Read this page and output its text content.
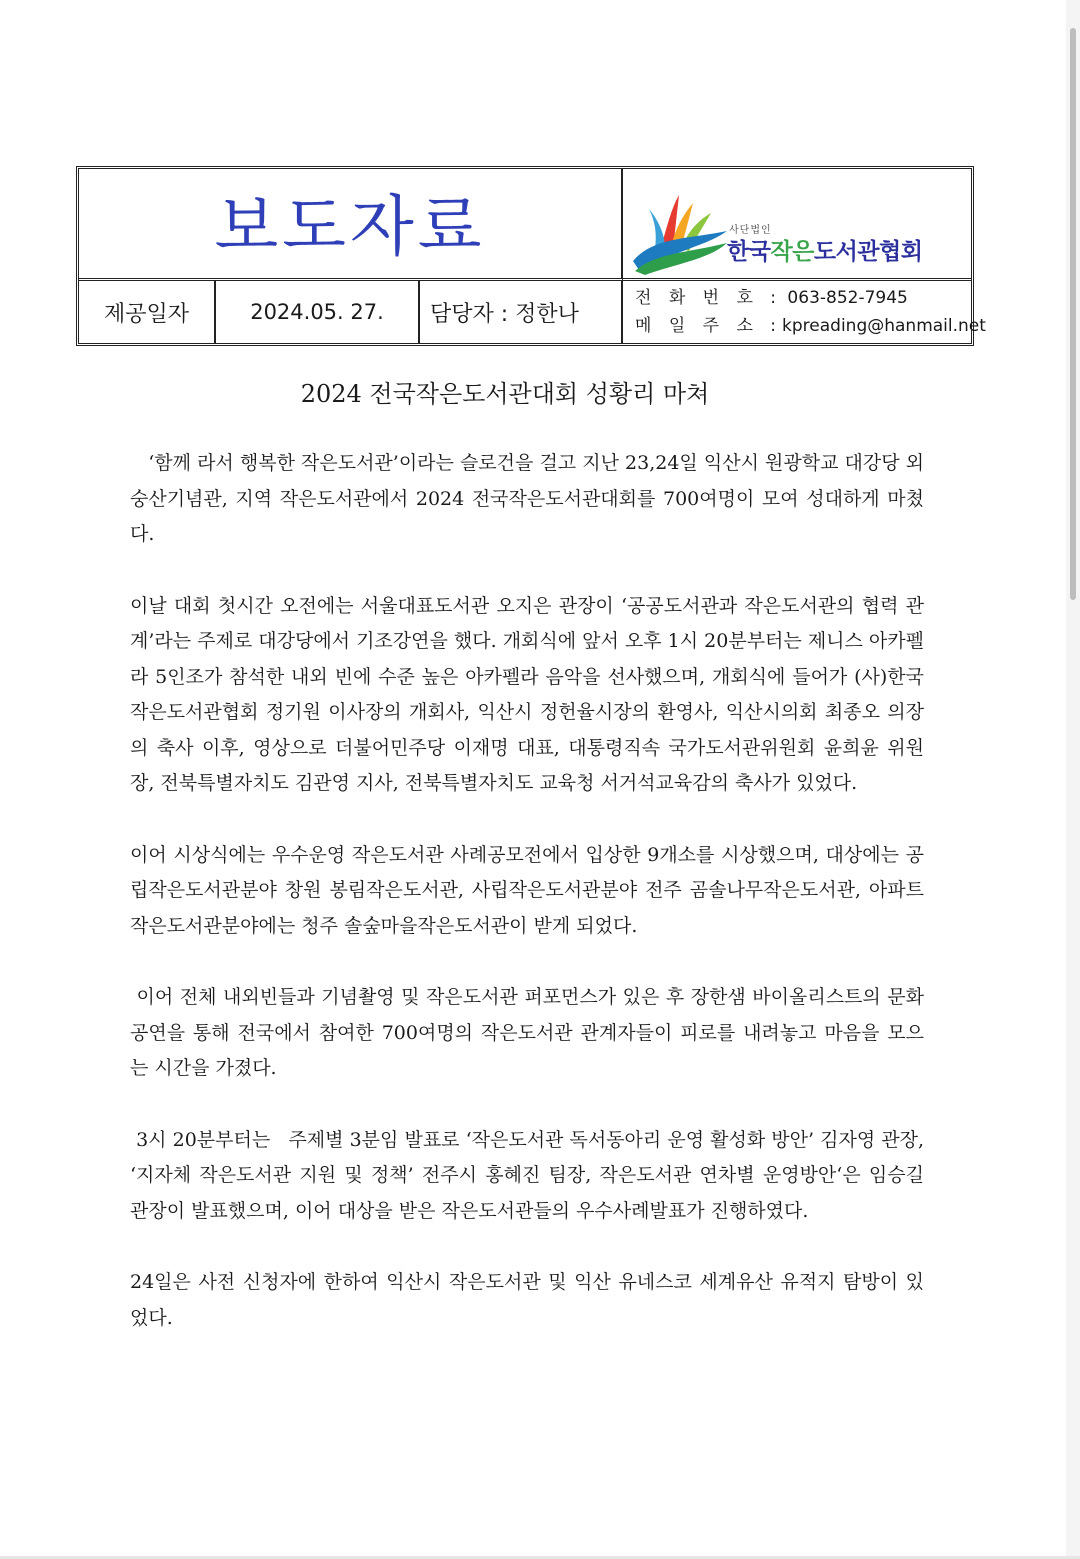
보도자료	사단법인
한국작은도서관협회
제공일자	2024.05. 27. 담당자 : 정한나
전 화 번 호 : 063-852-7945
메 일 주 소 :kpreading@hanmail.net
2024 전국작은도서관대회 성황리 마쳐

‘함께 라서 행복한 작은도서관’이라는 슬로건을 걸고 지난 23,24일 익산시 원광학교 대강당 외 숭산기념관, 지역 작은도서관에서 2024 전국작은도서관대회를 700여명이 모여 성대하게 마쳤다.

이날 대회 첫시간 오전에는 서울대표도서관 오지은 관장이 ‘공공도서관과 작은도서관의 협력 관계’라는 주제로 대강당에서 기조강연을 했다. 개회식에 앞서 오후 1시 20분부터는 제니스 아카펠라 5인조가 참석한 내외 빈에 수준 높은 아카펠라 음악을 선사했으며, 개회식에 들어가 (사)한국작은도서관협회 정기원 이사장의 개회사, 익산시 정헌율시장의 환영사, 익산시의회 최종오 의장의 축사 이후, 영상으로 더불어민주당 이재명 대표, 대통령직속 국가도서관위원회 윤희윤 위원장, 전북특별자치도 김관영 지사, 전북특별자치도 교육청 서거석교육감의 축사가 있었다.

이어 시상식에는 우수운영 작은도서관 사례공모전에서 입상한 9개소를 시상했으며, 대상에는 공립작은도서관분야 창원 봉림작은도서관, 사립작은도서관분야 전주 곰솔나무작은도서관, 아파트작은도서관분야에는 청주 솔숲마을작은도서관이 받게 되었다.

이어 전체 내외빈들과 기념촬영 및 작은도서관 퍼포먼스가 있은 후 장한샘 바이올리스트의 문화공연을 통해 전국에서 참여한 700여명의 작은도서관 관계자들이 피로를 내려놓고 마음을 모으는 시간을 가졌다.

3시 20분부터는   주제별 3분임 발표로 ‘작은도서관 독서동아리 운영 활성화 방안’ 김자영 관장, ‘지자체 작은도서관 지원 및 정책’ 전주시 홍혜진 팀장, 작은도서관 연차별 운영방안‘은 임승길 관장이 발표했으며, 이어 대상을 받은 작은도서관들의 우수사례발표가 진행하였다.

24일은 사전 신청자에 한하여 익산시 작은도서관 및 익산 유네스코 세계유산 유적지 탐방이 있었다.
